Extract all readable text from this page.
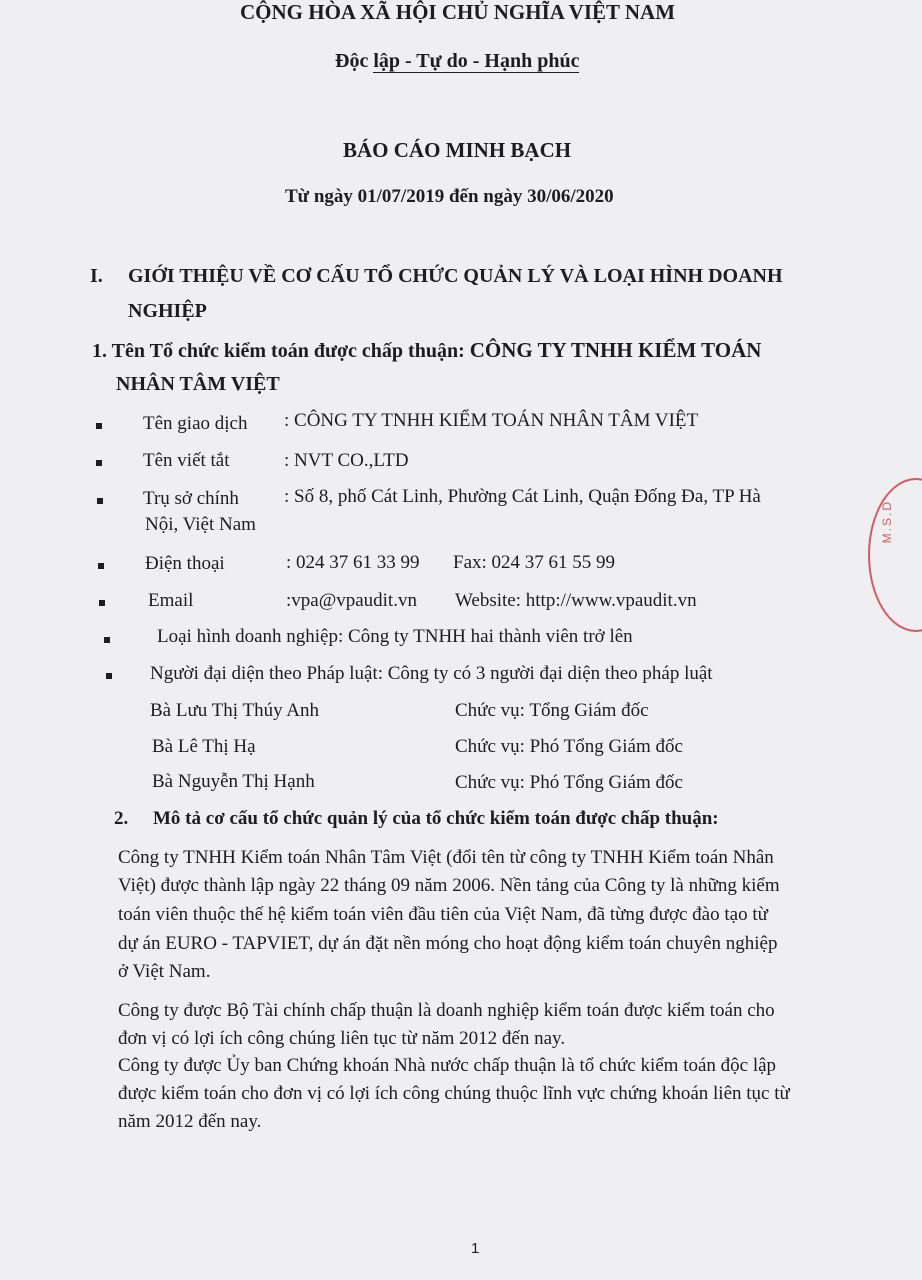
CỘNG HÒA XÃ HỘI CHỦ NGHĨA VIỆT NAM
Độc lập - Tự do - Hạnh phúc
BÁO CÁO MINH BẠCH
Từ ngày 01/07/2019 đến ngày 30/06/2020
I. GIỚI THIỆU VỀ CƠ CẤU TỔ CHỨC QUẢN LÝ VÀ LOẠI HÌNH DOANH
NGHIỆP
1. Tên Tổ chức kiểm toán được chấp thuận: CÔNG TY TNHH KIỂM TOÁN
NHÂN TÂM VIỆT
Tên giao dịch : CÔNG TY TNHH KIỂM TOÁN NHÂN TÂM VIỆT
Tên viết tắt	: NVT CO.,LTD
Trụ sở chính : Số 8, phố Cát Linh, Phường Cát Linh, Quận Đống Đa, TP Hà
Nội, Việt Nam
Điện thoại	: 024 37 61 33 99 Fax: 024 37 61 55 99
Email	:vpa@vpaudit.vn Website: http://www.vpaudit.vn
Loại hình doanh nghiệp: Công ty TNHH hai thành viên trở lên
Người đại diện theo Pháp luật: Công ty có 3 người đại diện theo pháp luật
Bà Lưu Thị Thúy Anh	Chức vụ: Tổng Giám đốc
Bà Lê Thị Hạ	Chức vụ: Phó Tổng Giám đốc
Bà Nguyễn Thị Hạnh	Chức vụ: Phó Tổng Giám đốc
2. Mô tả cơ cấu tổ chức quản lý của tổ chức kiểm toán được chấp thuận:
Công ty TNHH Kiểm toán Nhân Tâm Việt (đổi tên từ công ty TNHH Kiểm toán Nhân
Việt) được thành lập ngày 22 tháng 09 năm 2006. Nền tảng của Công ty là những kiểm
toán viên thuộc thế hệ kiểm toán viên đầu tiên của Việt Nam, đã từng được đào tạo từ
dự án EURO - TAPVIET, dự án đặt nền móng cho hoạt động kiểm toán chuyên nghiệp
ở Việt Nam.
Công ty được Bộ Tài chính chấp thuận là doanh nghiệp kiểm toán được kiểm toán cho
đơn vị có lợi ích công chúng liên tục từ năm 2012 đến nay.
Công ty được Ủy ban Chứng khoán Nhà nước chấp thuận là tổ chức kiểm toán độc lập
được kiểm toán cho đơn vị có lợi ích công chúng thuộc lĩnh vực chứng khoán liên tục từ
năm 2012 đến nay.
1
M.S.D
